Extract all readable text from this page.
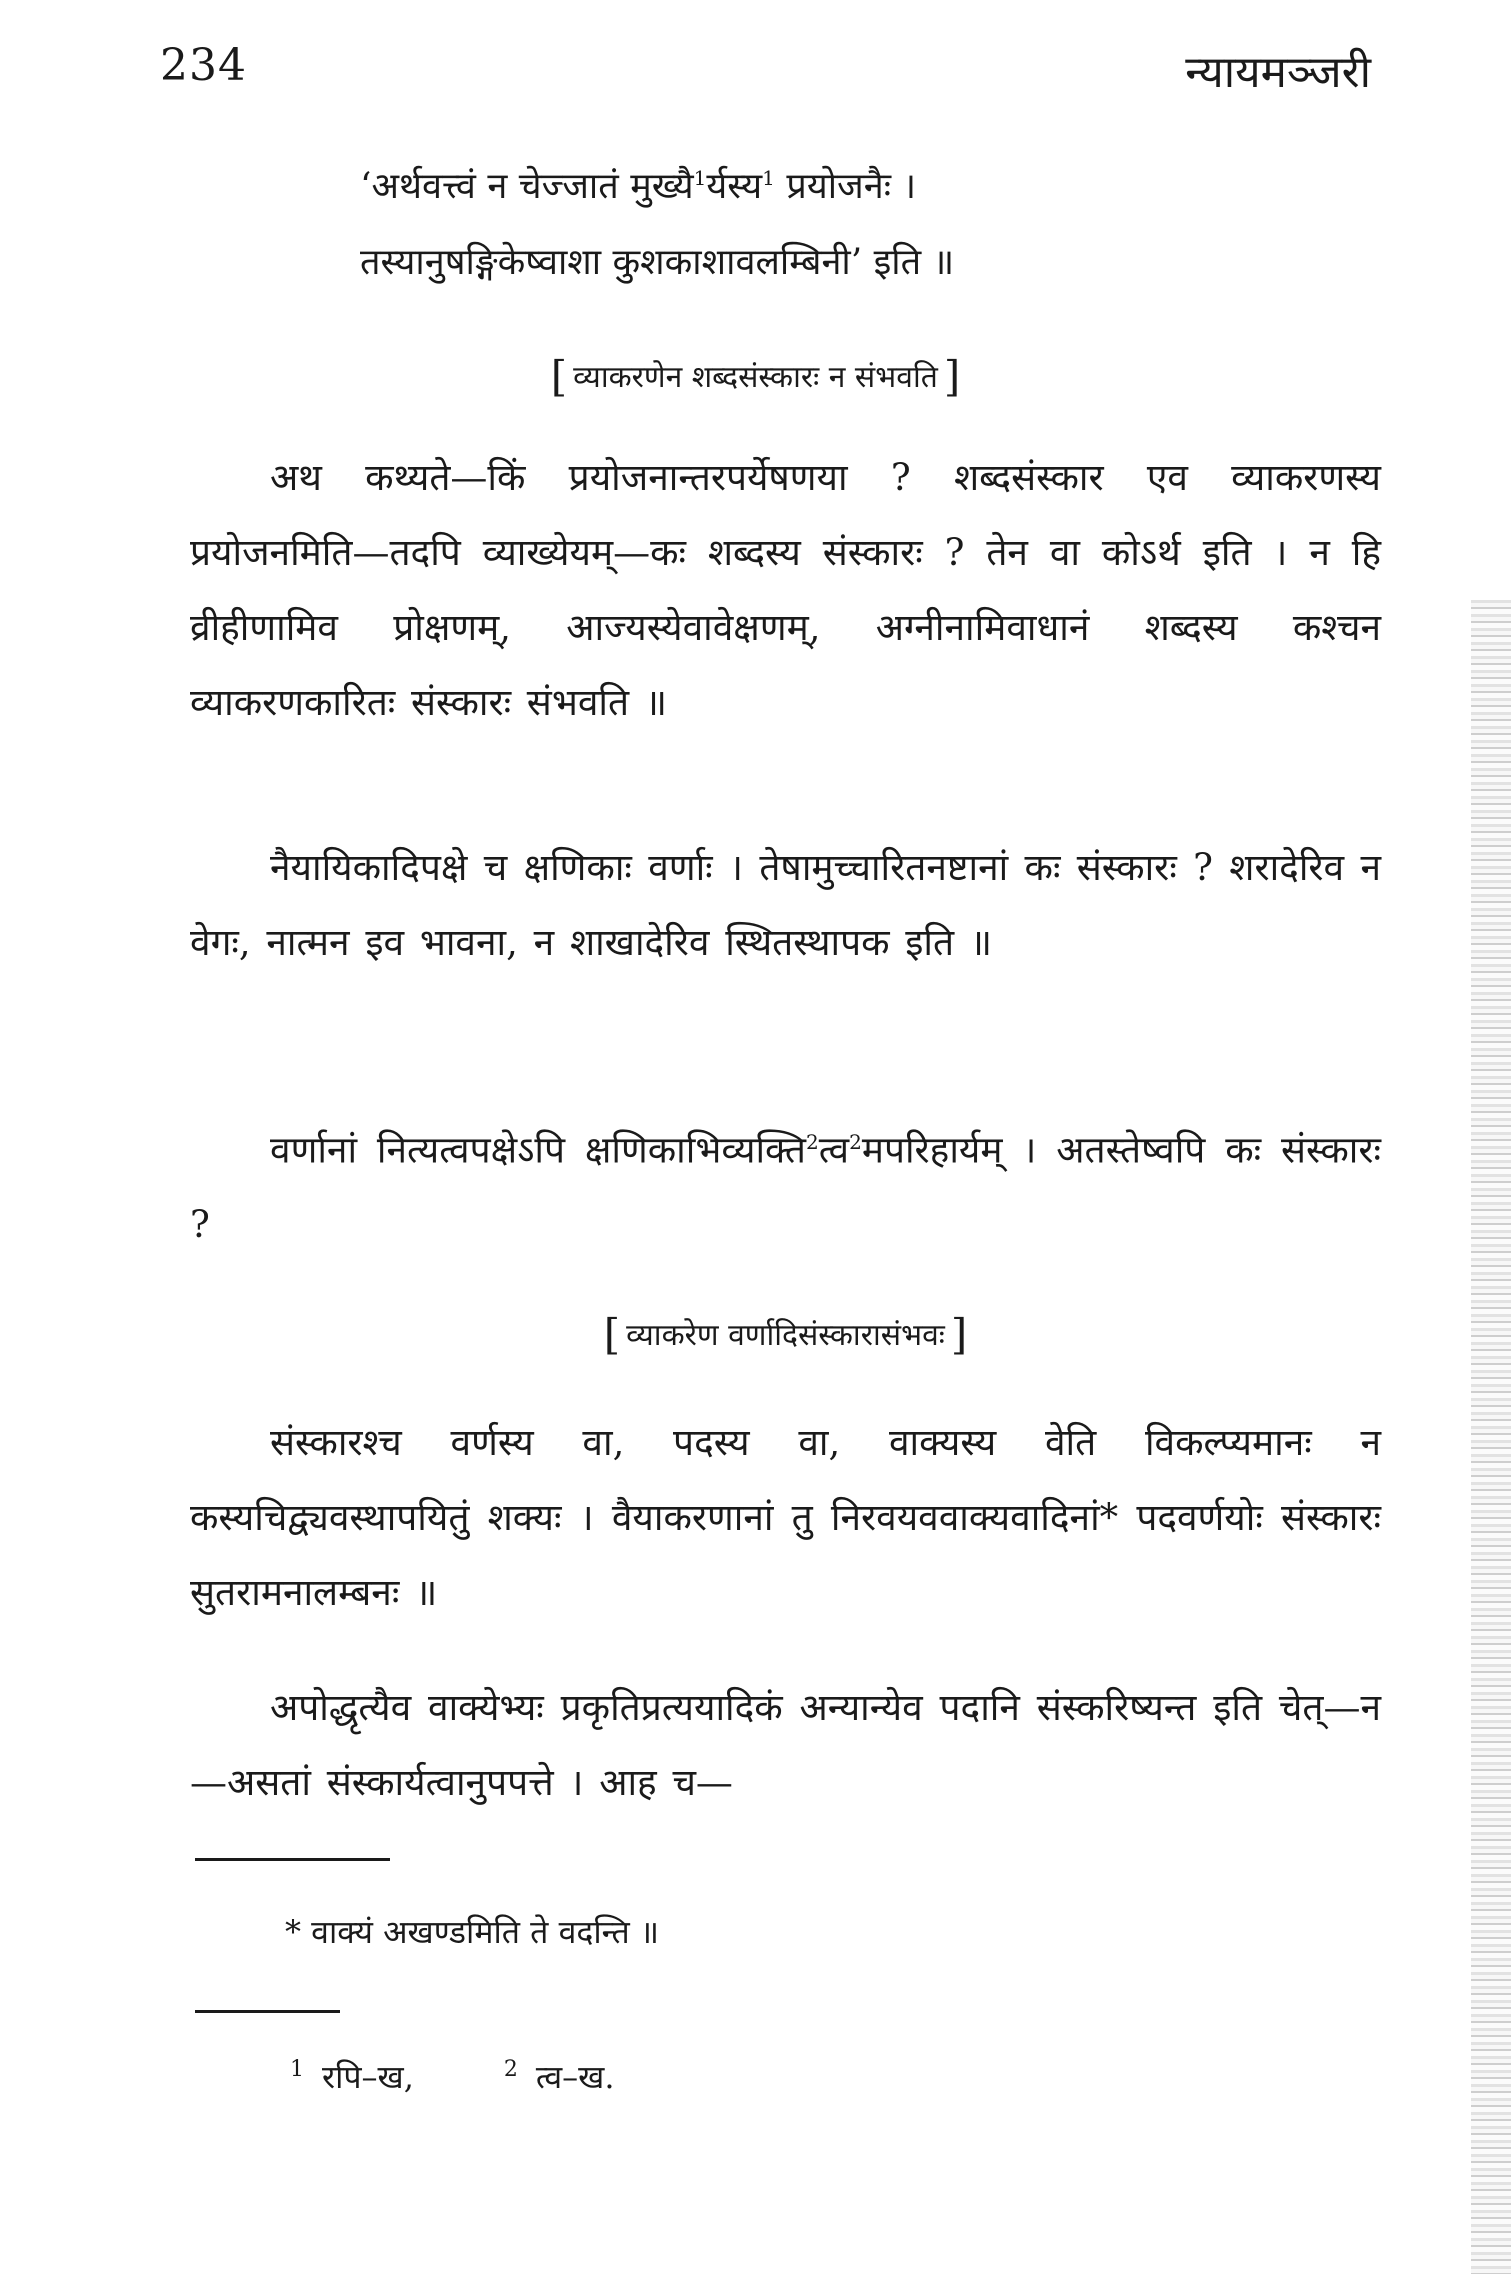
234	न्यायमञ्जरी
‘अर्थवत्त्वं न चेज्जातं मुख्यै$^1$र्यस्य$^1$ प्रयोजनैः ।
तस्यानुषङ्गिकेष्वाशा कुशकाशावलम्बिनी’ इति ॥
[ व्याकरणेन शब्दसंस्कारः न संभवति ]

अथ कथ्यते—किं प्रयोजनान्तरपर्येषणया ? शब्दसंस्कार एव व्याकरणस्य प्रयोजनमिति—तदपि व्याख्येयम्—कः शब्दस्य संस्कारः ? तेन वा कोऽर्थ इति । न हि व्रीहीणामिव प्रोक्षणम्, आज्यस्येवावेक्षणम्, अग्नीनामिवाधानं शब्दस्य कश्चन व्याकरणकारितः संस्कारः संभवति ॥

नैयायिकादिपक्षे च क्षणिकाः वर्णाः । तेषामुच्चारितनष्टानां कः संस्कारः ? शरादेरिव न वेगः, नात्मन इव भावना, न शाखादेरिव स्थितस्थापक इति ॥

वर्णानां नित्यत्वपक्षेऽपि क्षणिकाभिव्यक्ति$^2$त्व$^2$मपरिहार्यम् । अतस्तेष्वपि कः संस्कारः ?

[ व्याकरेण वर्णादिसंस्कारासंभवः ]

संस्कारश्च वर्णस्य वा, पदस्य वा, वाक्यस्य वेति विकल्प्यमानः न कस्यचिद्व्यवस्थापयितुं शक्यः । वैयाकरणानां तु निरवयववाक्यवादिनां* पदवर्णयोः संस्कारः सुतरामनालम्बनः ॥

अपोद्धृत्यैव वाक्येभ्यः प्रकृतिप्रत्ययादिकं अन्यान्येव पदानि संस्करिष्यन्त इति चेत्—न—असतां संस्कार्यत्वानुपपत्ते । आह च—

* वाक्यं अखण्डमिति ते वदन्ति ॥
$^1$ रपि–ख,	$^2$ त्व–ख.
